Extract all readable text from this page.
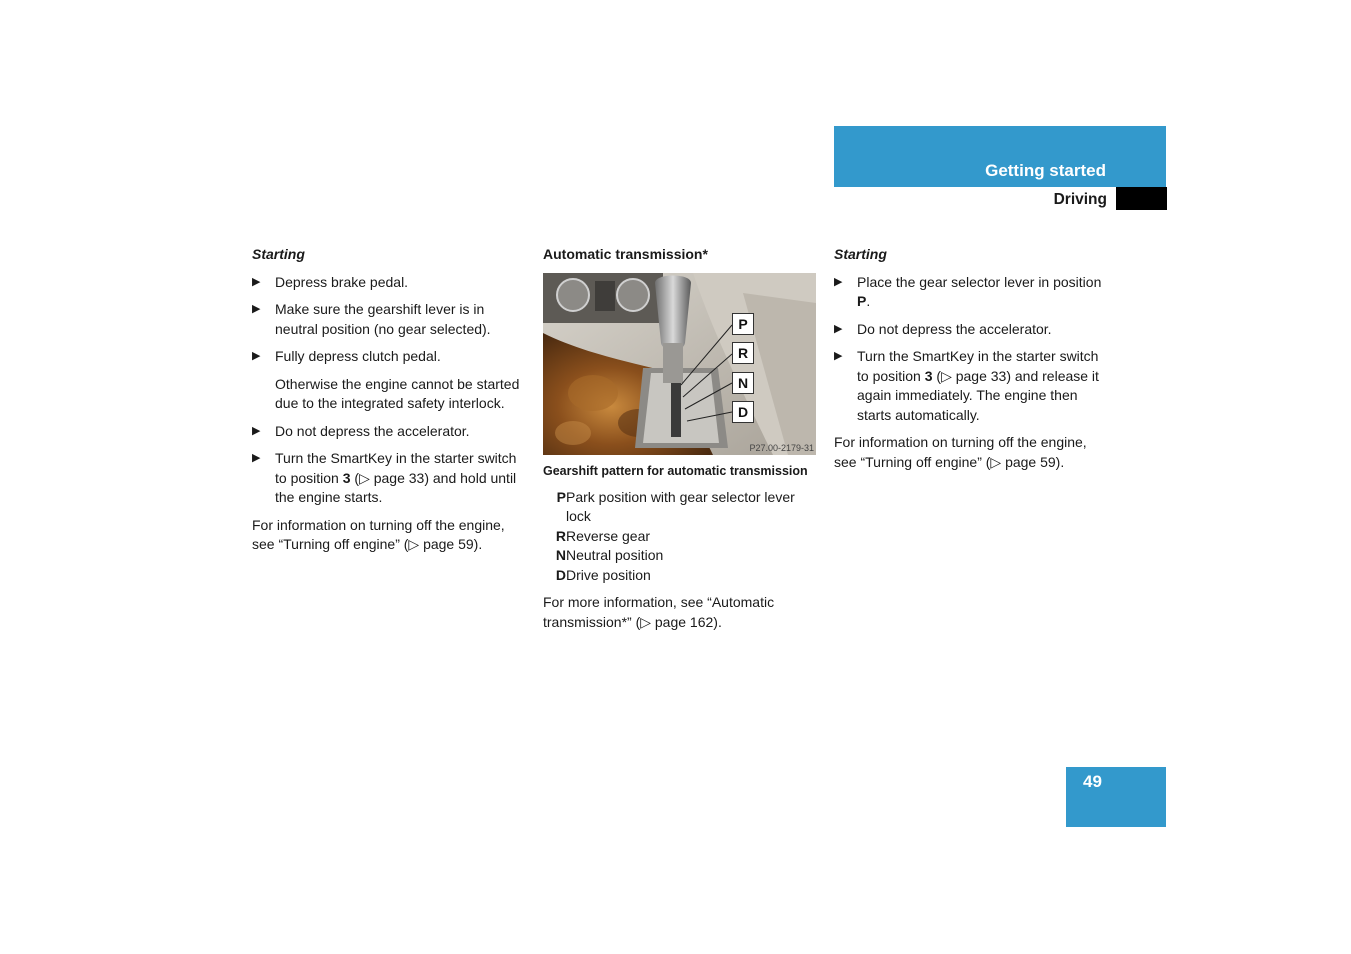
Getting started
Driving
Starting
▶ Depress brake pedal.
▶ Make sure the gearshift lever is in neutral position (no gear selected).
▶ Fully depress clutch pedal.
Otherwise the engine cannot be started due to the integrated safety interlock.
▶ Do not depress the accelerator.
▶ Turn the SmartKey in the starter switch to position 3 (▷ page 33) and hold until the engine starts.

For information on turning off the engine, see “Turning off engine” (▷ page 59).

Automatic transmission*
P
R
N
D
P27.00-2179-31
Gearshift pattern for automatic transmission
P Park position with gear selector lever lock
R Reverse gear
N Neutral position
D Drive position

For more information, see “Automatic transmission*” (▷ page 162).

Starting
▶ Place the gear selector lever in position P.
▶ Do not depress the accelerator.
▶ Turn the SmartKey in the starter switch to position 3 (▷ page 33) and release it again immediately. The engine then starts automatically.

For information on turning off the engine, see “Turning off engine” (▷ page 59).

49
